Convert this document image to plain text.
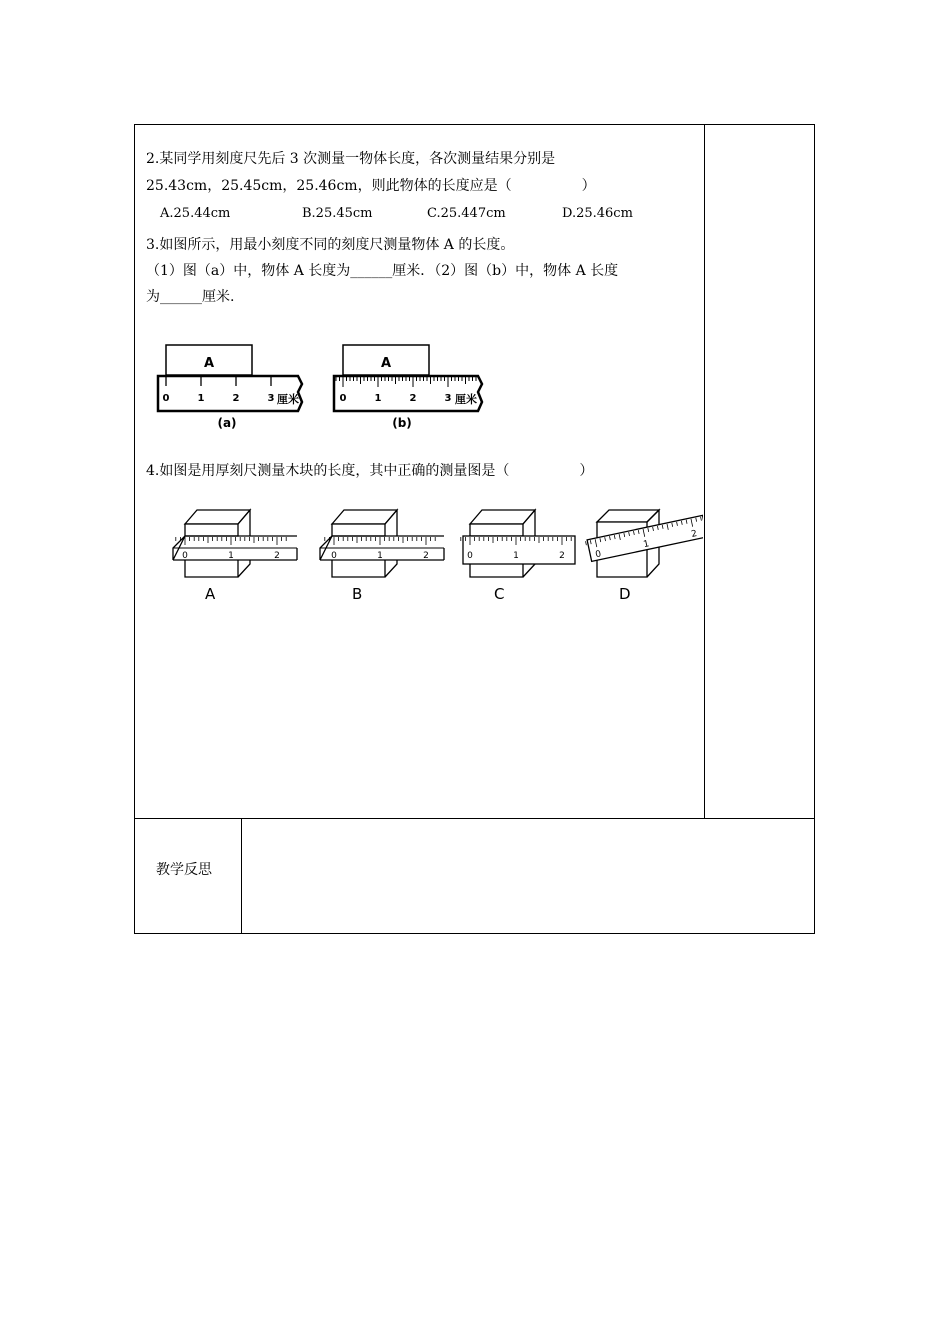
2.某同学用刻度尺先后 3 次测量一物体长度，各次测量结果分别是
25.43cm，25.45cm，25.46cm，则此物体的长度应是（　　　　　）
A.25.44cm	B.25.45cm	C.25.447cm	D.25.46cm
3.如图所示，用最小刻度不同的刻度尺测量物体 A 的长度。
（1）图（a）中，物体 A 长度为______厘米．（2）图（b）中，物体 A 长度
为______厘米.
A
0	1	2	3 厘米
(a)
A
0	1	2	3 厘米
(b)
4.如图是用厚刻尺测量木块的长度，其中正确的测量图是（　　　　　）
0	1	2
A
0	1	2
B
0	1	2
C
0
1
2
D
教学反思
